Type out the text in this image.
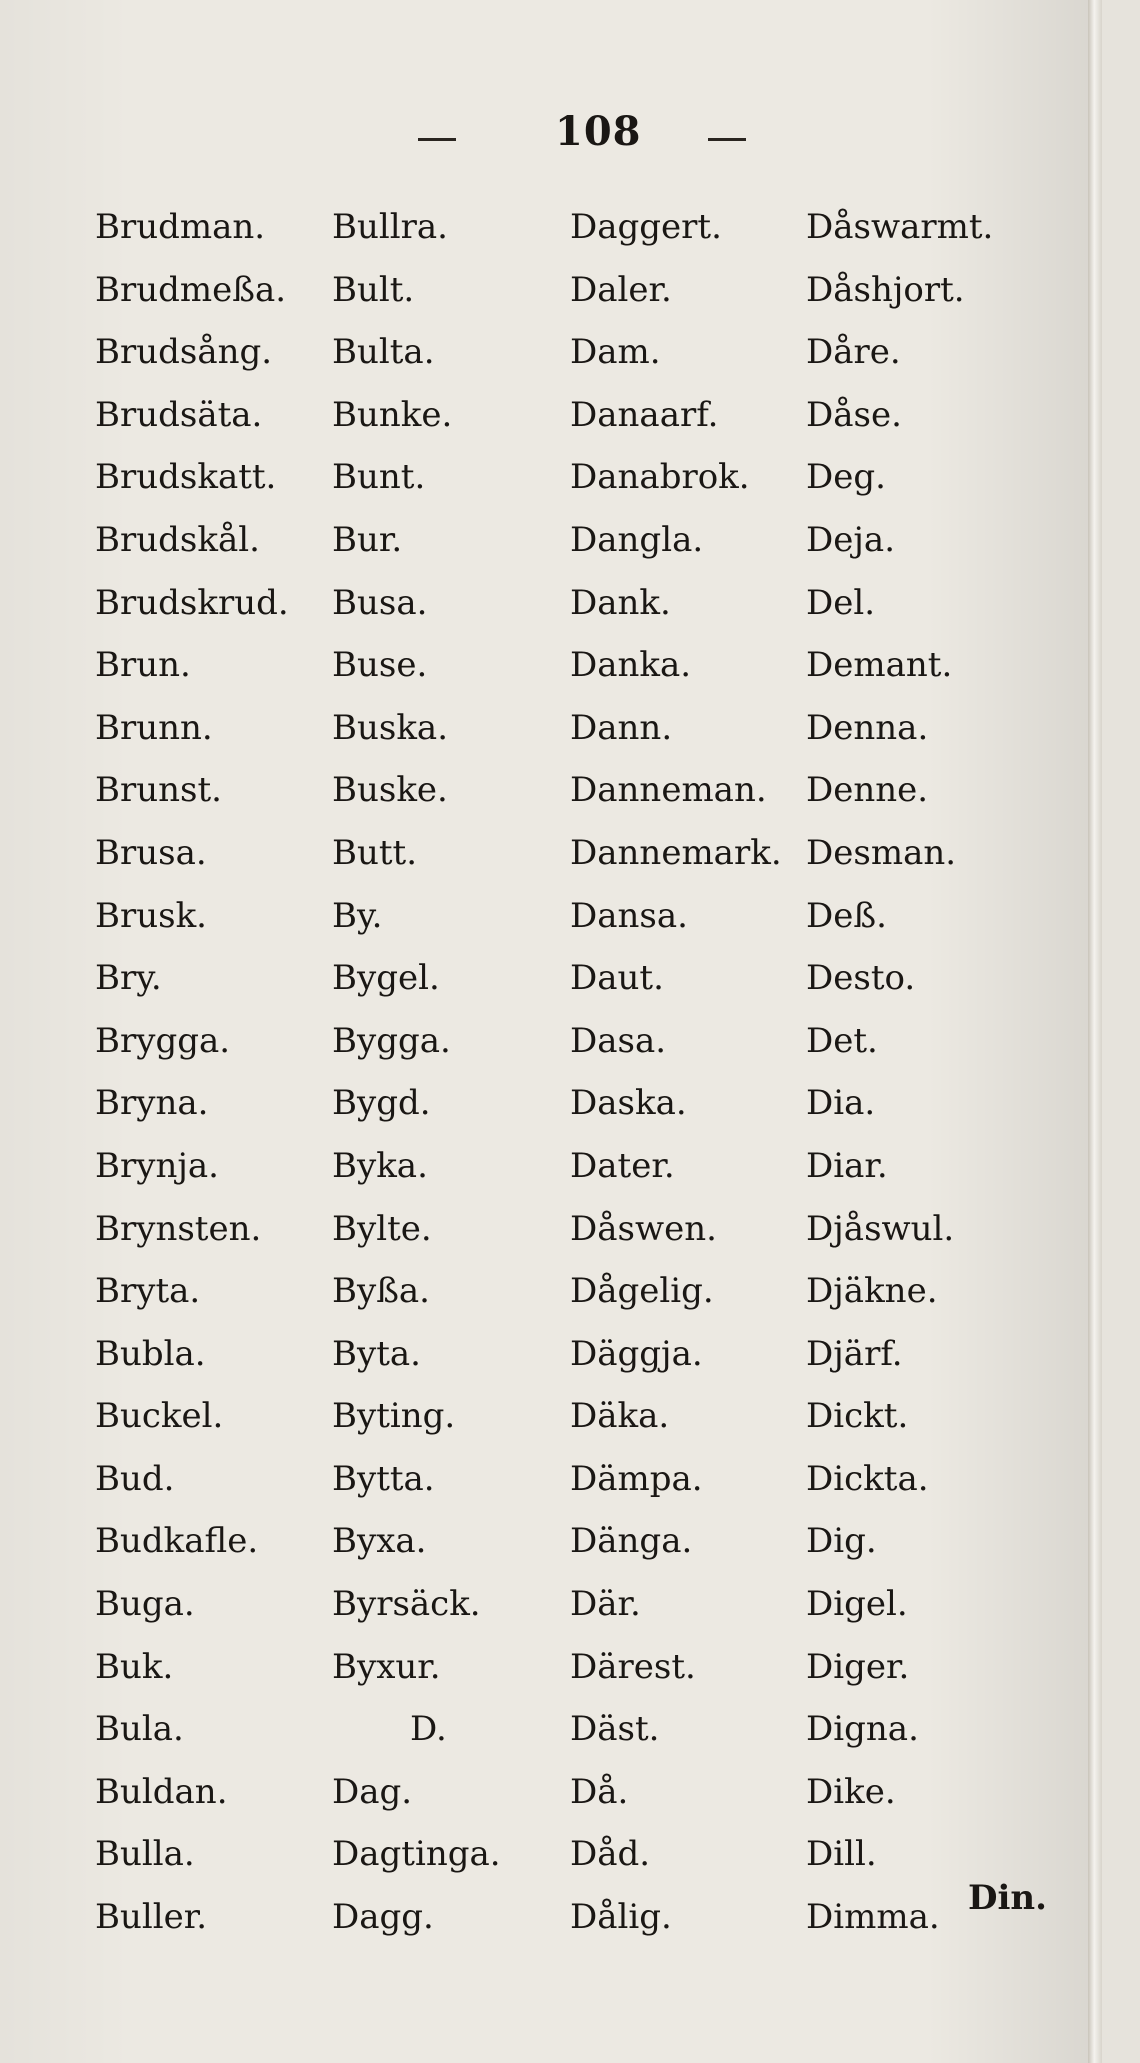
108
Brudman.
Brudmeßa.
Brudsång.
Brudsäta.
Brudskatt.
Brudskål.
Brudskrud.
Brun.
Brunn.
Brunst.
Brusa.
Brusk.
Bry.
Brygga.
Bryna.
Brynja.
Brynsten.
Bryta.
Bubla.
Buckel.
Bud.
Budkafle.
Buga.
Buk.
Bula.
Buldan.
Bulla.
Buller.
Bullra.
Bult.
Bulta.
Bunke.
Bunt.
Bur.
Busa.
Buse.
Buska.
Buske.
Butt.
By.
Bygel.
Bygga.
Bygd.
Byka.
Bylte.
Byßa.
Byta.
Byting.
Bytta.
Byxa.
Byrsäck.
Byxur.
D.
Dag.
Dagtinga.
Dagg.
Daggert.
Daler.
Dam.
Danaarf.
Danabrok.
Dangla.
Dank.
Danka.
Dann.
Danneman.
Dannemark.
Dansa.
Daut.
Dasa.
Daska.
Dater.
Dåswen.
Dågelig.
Däggja.
Däka.
Dämpa.
Dänga.
Där.
Därest.
Däst.
Då.
Dåd.
Dålig.
Dåswarmt.
Dåshjort.
Dåre.
Dåse.
Deg.
Deja.
Del.
Demant.
Denna.
Denne.
Desman.
Deß.
Desto.
Det.
Dia.
Diar.
Djåswul.
Djäkne.
Djärf.
Dickt.
Dickta.
Dig.
Digel.
Diger.
Digna.
Dike.
Dill.
Dimma. Din.
